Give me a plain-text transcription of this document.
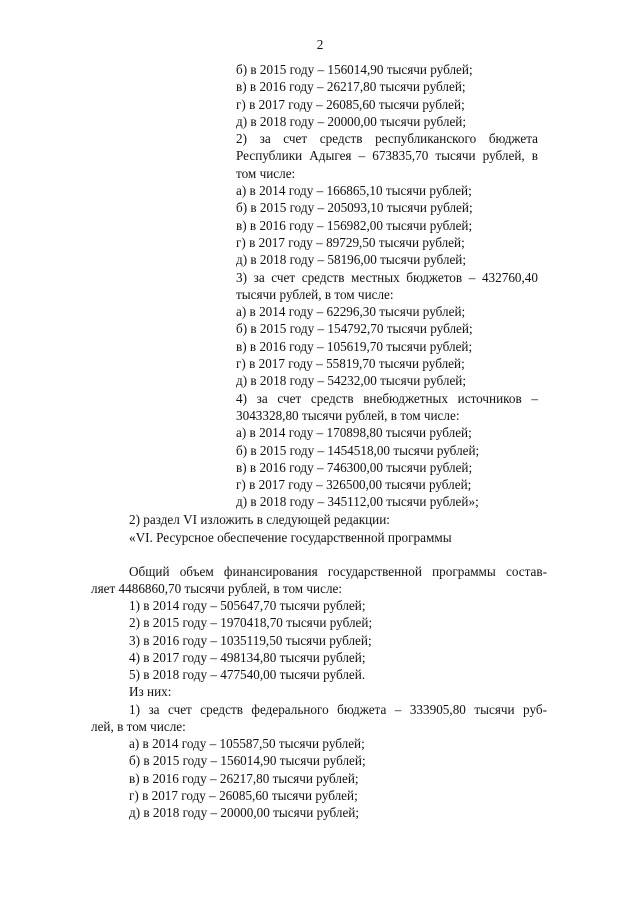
2
б) в 2015 году – 156014,90 тысячи рублей;
в) в 2016 году – 26217,80 тысячи рублей;
г) в 2017 году – 26085,60 тысячи рублей;
д) в 2018 году – 20000,00 тысячи рублей;
2) за счет средств республиканского бюджета
Республики Адыгея – 673835,70 тысячи рублей, в
том числе:
а) в 2014 году – 166865,10 тысячи рублей;
б) в 2015 году – 205093,10 тысячи рублей;
в) в 2016 году – 156982,00 тысячи рублей;
г) в 2017 году – 89729,50 тысячи рублей;
д) в 2018 году – 58196,00 тысячи рублей;
3) за счет средств местных бюджетов – 432760,40
тысячи рублей, в том числе:
а) в 2014 году – 62296,30 тысячи рублей;
б) в 2015 году – 154792,70 тысячи рублей;
в) в 2016 году – 105619,70 тысячи рублей;
г) в 2017 году – 55819,70 тысячи рублей;
д) в 2018 году – 54232,00 тысячи рублей;
4) за счет средств внебюджетных источников –
3043328,80 тысячи рублей, в том числе:
а) в 2014 году – 170898,80 тысячи рублей;
б) в 2015 году – 1454518,00 тысячи рублей;
в) в 2016 году – 746300,00 тысячи рублей;
г) в 2017 году – 326500,00 тысячи рублей;
д) в 2018 году – 345112,00 тысячи рублей»;
2) раздел VI изложить в следующей редакции:
«VI. Ресурсное обеспечение государственной программы
Общий объем финансирования государственной программы состав-
ляет 4486860,70 тысячи рублей, в том числе:
1) в 2014 году – 505647,70 тысячи рублей;
2) в 2015 году – 1970418,70 тысячи рублей;
3) в 2016 году – 1035119,50 тысячи рублей;
4) в 2017 году – 498134,80 тысячи рублей;
5) в 2018 году – 477540,00 тысячи рублей.
Из них:
1) за счет средств федерального бюджета – 333905,80 тысячи руб-
лей, в том числе:
а) в 2014 году – 105587,50 тысячи рублей;
б) в 2015 году – 156014,90 тысячи рублей;
в) в 2016 году – 26217,80 тысячи рублей;
г) в 2017 году – 26085,60 тысячи рублей;
д) в 2018 году – 20000,00 тысячи рублей;
